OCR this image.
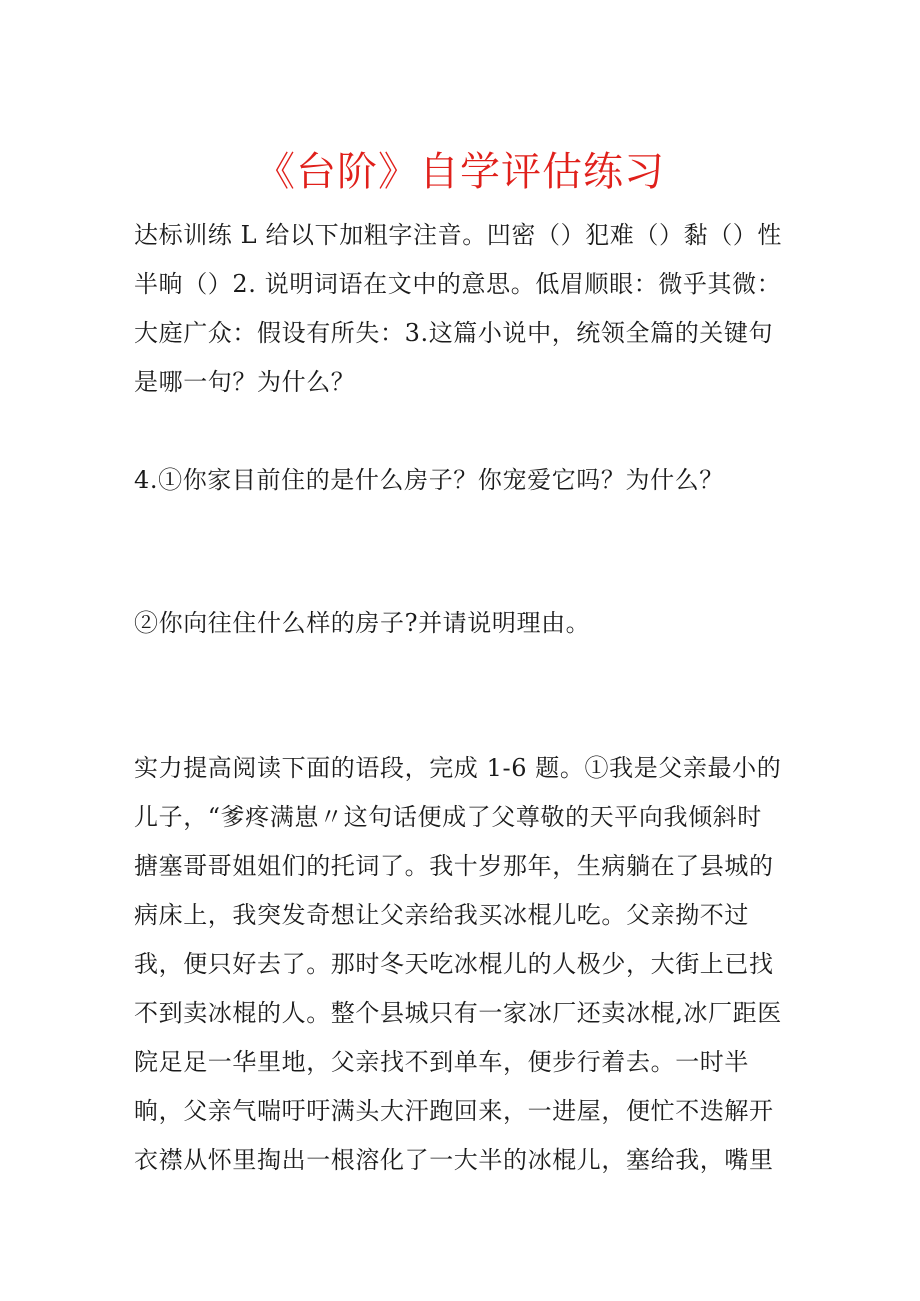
《台阶》自学评估练习
达标训练 L 给以下加粗字注音。凹密（）犯难（）黏（）性
半晌（）2. 说明词语在文中的意思。低眉顺眼：微乎其微：
大庭广众：假设有所失：3.这篇小说中，统领全篇的关键句
是哪一句？为什么？
4.①你家目前住的是什么房子？你宠爱它吗？为什么？
②你向往住什么样的房子?并请说明理由。
实力提高阅读下面的语段，完成 1-6 题。①我是父亲最小的
儿子，“爹疼满崽〃这句话便成了父尊敬的天平向我倾斜时
搪塞哥哥姐姐们的托词了。我十岁那年，生病躺在了县城的
病床上，我突发奇想让父亲给我买冰棍儿吃。父亲拗不过
我，便只好去了。那时冬天吃冰棍儿的人极少，大街上已找
不到卖冰棍的人。整个县城只有一家冰厂还卖冰棍,冰厂距医
院足足一华里地，父亲找不到单车，便步行着去。一时半
晌，父亲气喘吁吁满头大汗跑回来，一进屋，便忙不迭解开
衣襟从怀里掏出一根溶化了一大半的冰棍儿，塞给我，嘴里
